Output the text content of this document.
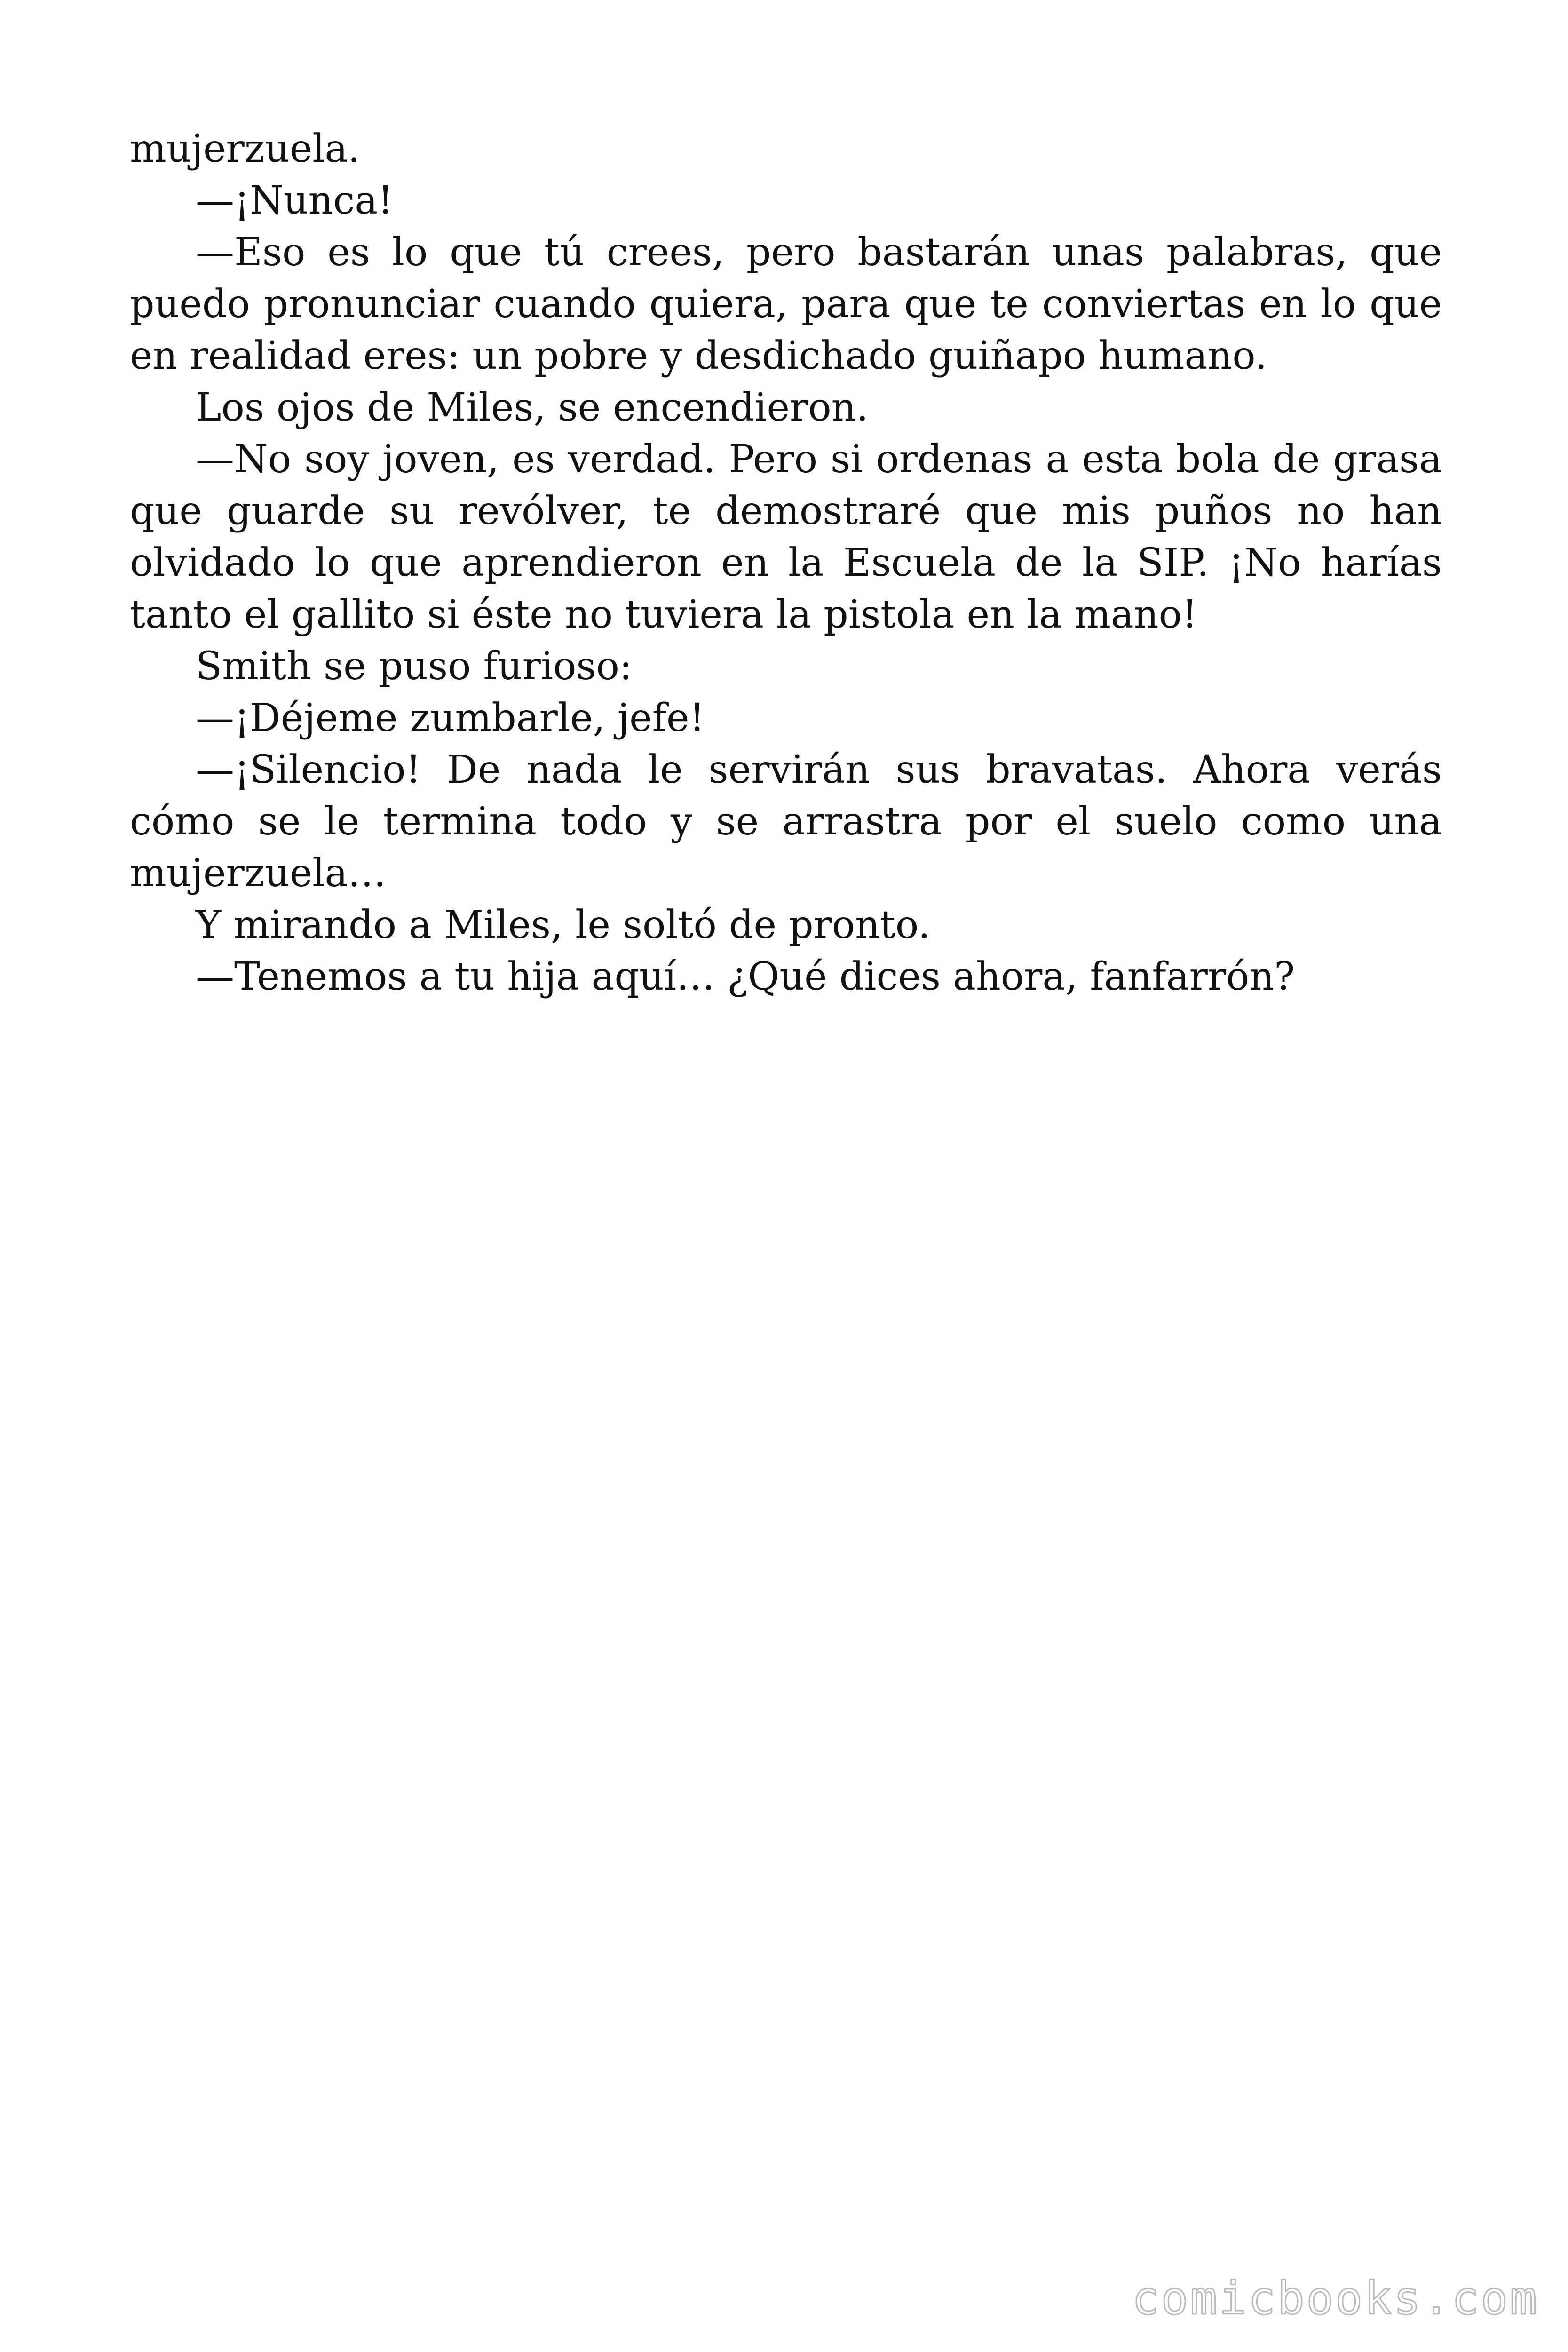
mujerzuela.

—¡Nunca!

—Eso es lo que tú crees, pero bastarán unas palabras, que puedo pronunciar cuando quiera, para que te conviertas en lo que en realidad eres: un pobre y desdichado guiñapo humano.

Los ojos de Miles, se encendieron.

—No soy joven, es verdad. Pero si ordenas a esta bola de grasa que guarde su revólver, te demostraré que mis puños no han olvidado lo que aprendieron en la Escuela de la SIP. ¡No harías tanto el gallito si éste no tuviera la pistola en la mano!

Smith se puso furioso:

—¡Déjeme zumbarle, jefe!

—¡Silencio! De nada le servirán sus bravatas. Ahora verás cómo se le termina todo y se arrastra por el suelo como una mujerzuela…

Y mirando a Miles, le soltó de pronto.

—Tenemos a tu hija aquí… ¿Qué dices ahora, fanfarrón?

comicbooks.com
